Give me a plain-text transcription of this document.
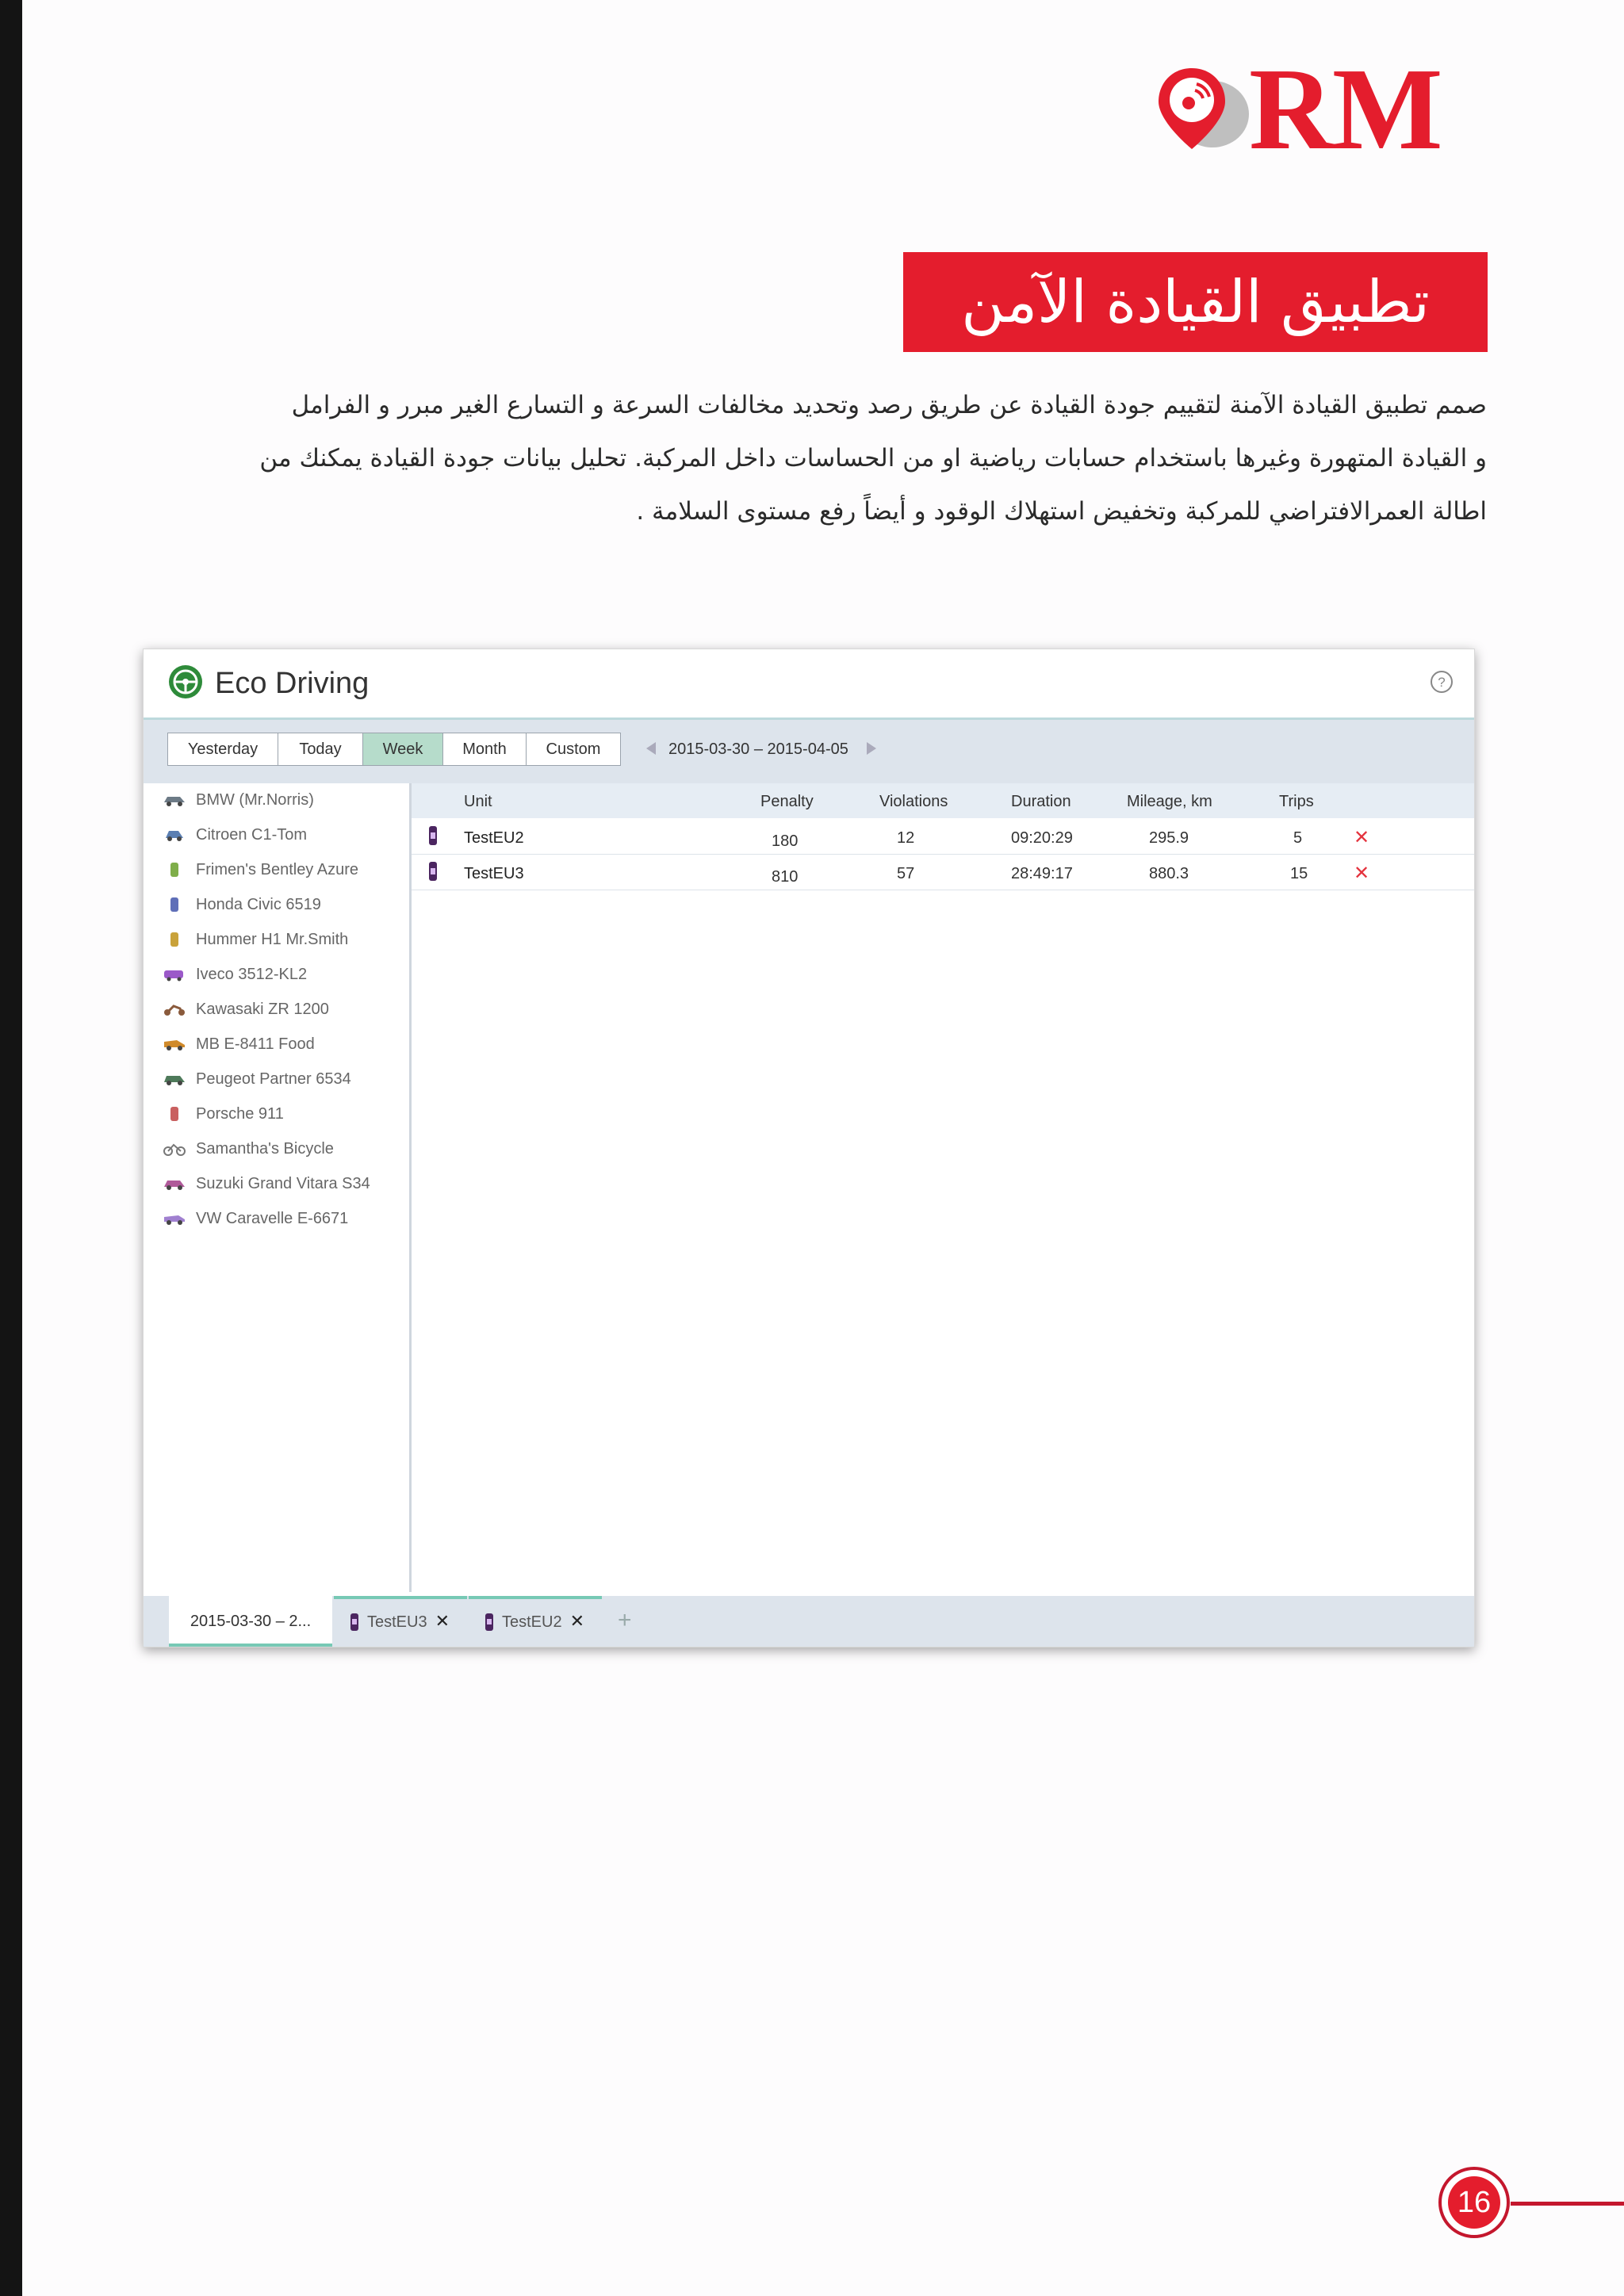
RM
تطبيق القيادة الآمن

صمم تطبيق القيادة الآمنة لتقييم جودة القيادة عن طريق رصد وتحديد مخالفات السرعة و التسارع الغير مبرر و الفرامل

و القيادة المتهورة وغيرها باستخدام حسابات رياضية او من الحساسات داخل المركبة. تحليل بيانات جودة القيادة يمكنك من

اطالة العمرالافتراضي للمركبة وتخفيض استهلاك الوقود و أيضاً رفع مستوى السلامة .

Eco Driving	?
Yesterday	Today	Week	Month	Custom	2015-03-30 – 2015-04-05
BMW (Mr.Norris)
Citroen C1-Tom
Frimen's Bentley Azure
Honda Civic 6519
Hummer H1 Mr.Smith
Iveco 3512-KL2
Kawasaki ZR 1200
MB E-8411 Food
Peugeot Partner 6534
Porsche 911
Samantha's Bicycle
Suzuki Grand Vitara S34
VW Caravelle E-6671
Unit	Penalty	Violations	Duration	Mileage, km	Trips
TestEU2	180	12	09:20:29	295.9	5	✕
TestEU3	810	57	28:49:17	880.3	15 ✕
2015-03-30 – 2...	TestEU3 ✕	TestEU2 ✕	+
16
